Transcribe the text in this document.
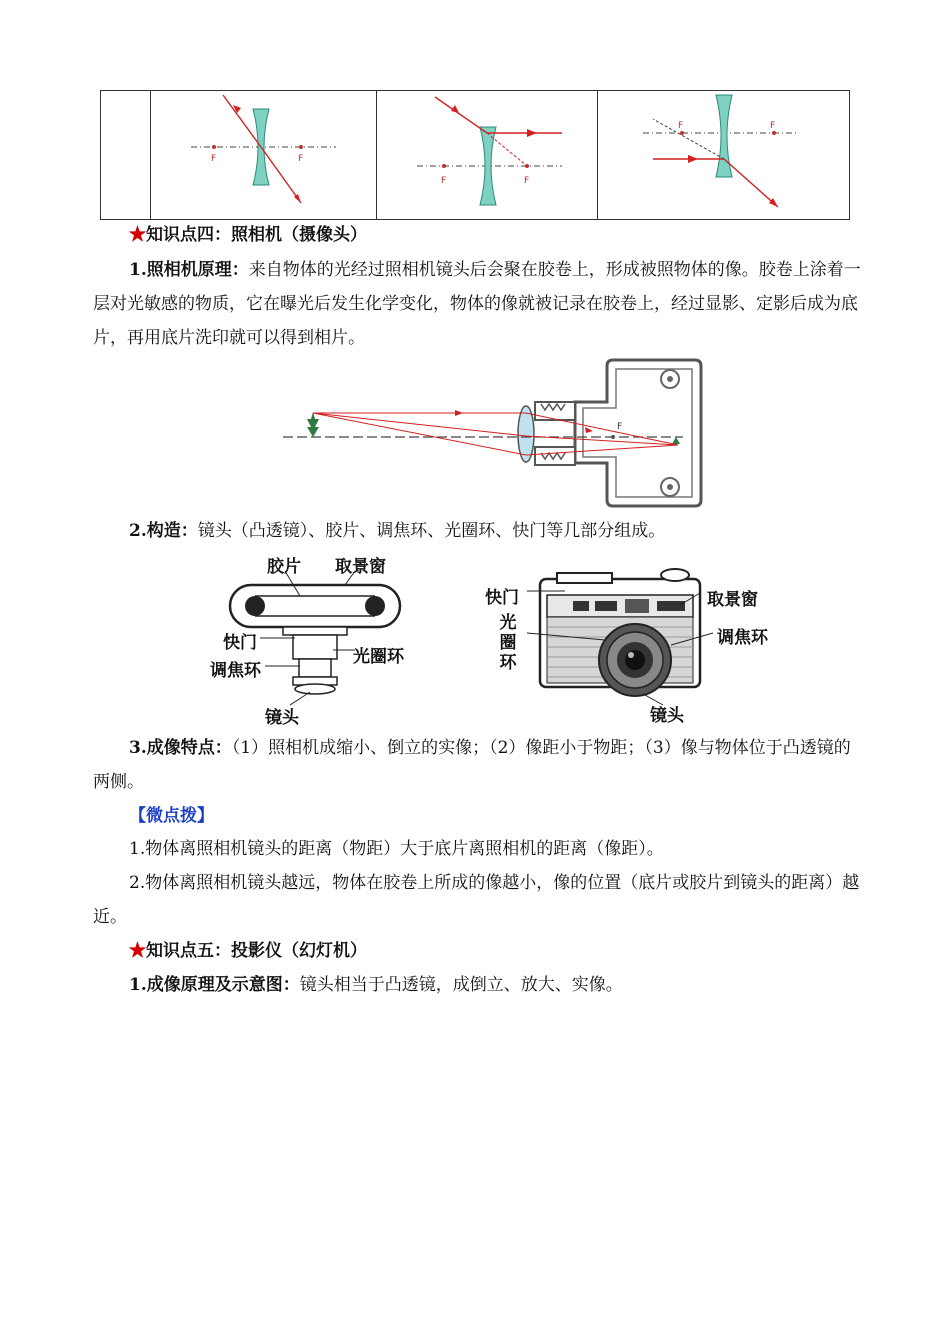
F	F
F	F
F	F
★知识点四：照相机（摄像头）
1.照相机原理：来自物体的光经过照相机镜头后会聚在胶卷上，形成被照物体的像。胶卷上涂着一层对光敏感的物质，它在曝光后发生化学变化，物体的像就被记录在胶卷上，经过显影、定影后成为底片，再用底片洗印就可以得到相片。
F
2.构造：镜头（凸透镜）、胶片、调焦环、光圈环、快门等几部分组成。
胶片 取景窗
快门
调焦环
光圈环
镜头
快门
光圈环
取景窗
调焦环
镜头
3.成像特点：（1）照相机成缩小、倒立的实像；（2）像距小于物距；（3）像与物体位于凸透镜的两侧。
【微点拨】
1.物体离照相机镜头的距离（物距）大于底片离照相机的距离（像距）。
2.物体离照相机镜头越远，物体在胶卷上所成的像越小，像的位置（底片或胶片到镜头的距离）越近。
★知识点五：投影仪（幻灯机）
1.成像原理及示意图：镜头相当于凸透镜，成倒立、放大、实像。
